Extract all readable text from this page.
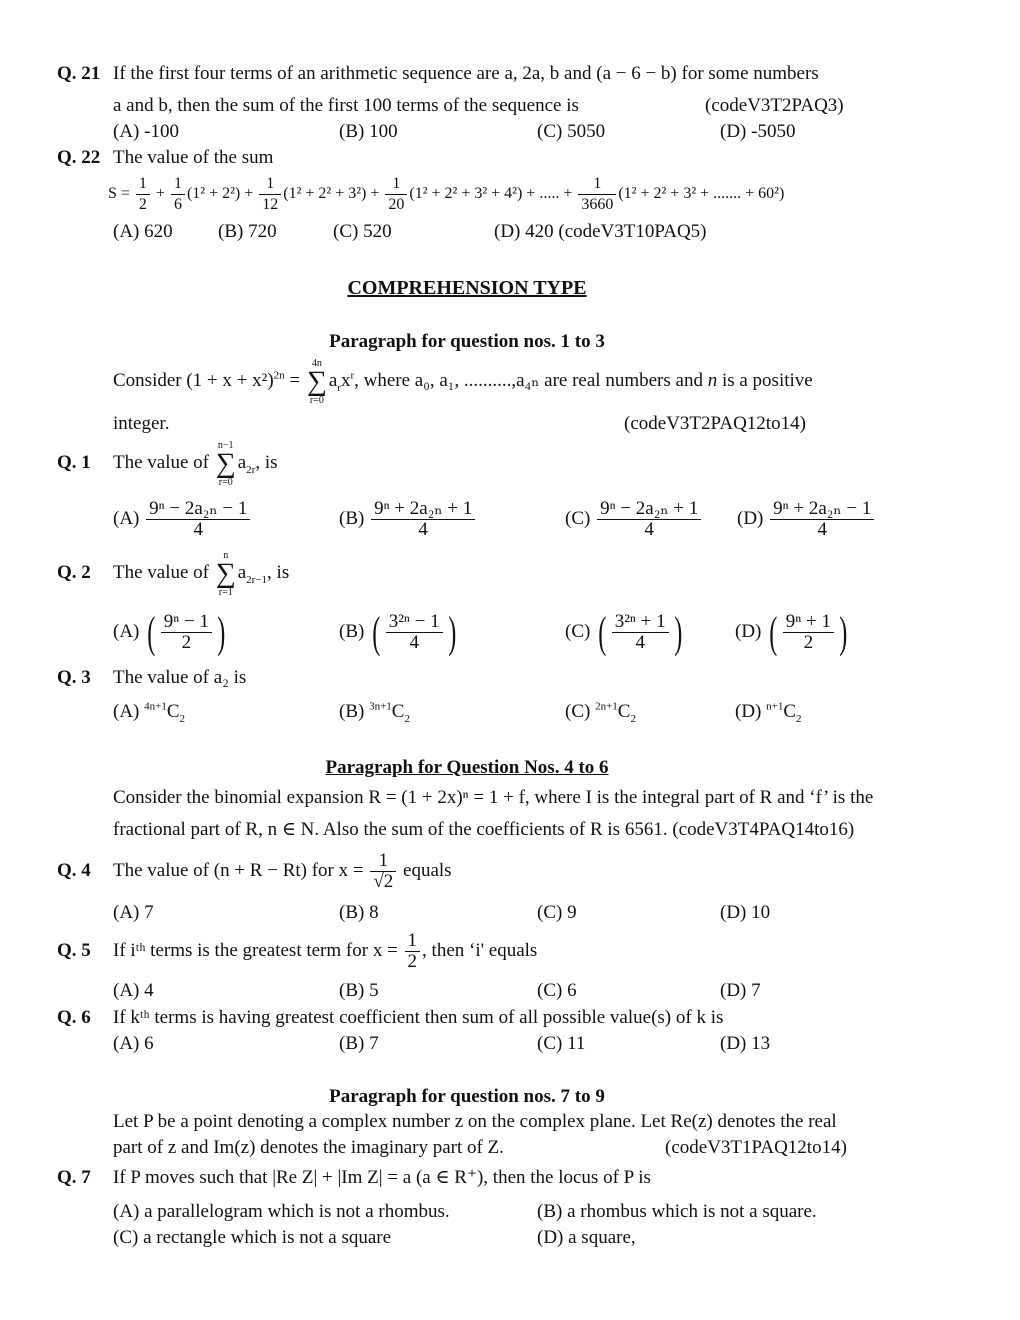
Q. 21 If the first four terms of an arithmetic sequence are a, 2a, b and (a − 6 − b) for some numbers
a and b, then the sum of the first 100 terms of the sequence is	(codeV3T2PAQ3)
(A) -100	(B) 100	(C) 5050	(D) -5050
Q. 22 The value of the sum
$S = \frac{1}{2} + \frac{1}{6} (1^2 + 2^2) + \frac{1}{12} (1^2 + 2^2 + 3^2) + \frac{1}{20} (1^2 + 2^2 + 3^2 + 4^2)$ + ..... + $\frac{1}{3660} (1^2 + 2^2 + 3^2$ + ....... + 60²)
(A) 620 (B) 720	(C) 520	(D) 420 (codeV3T10PAQ5)
COMPREHENSION TYPE
Paragraph for question nos. 1 to 3
Consider $(1 + x + x^2)^{2n}$ =
4n
∑
r=0
$a_rx^r$, where a₀, a₁, ..........,a₄ₙ are real numbers and n is a positive
integer.	(codeV3T2PAQ12to14)
Q. 1 The value of
n−1
∑
r=0
$a_{2r}$, is
$(A) \frac{\text{9ⁿ − 2a₂ₙ − 1}}{4}$	$(B) \frac{\text{9ⁿ + 2a₂ₙ + 1}}{4}$	$(C) \frac{\text{9ⁿ − 2a₂ₙ + 1}}{4} (D) \frac{\text{9ⁿ + 2a₂ₙ − 1}}{4}$
Q. 2 The value of
n
∑
r=1
$a_{2r-1}$, is
(A) ( $\frac{\text{9ⁿ − 1}}{2}$ )	(B) ( $\frac{\text{3²ⁿ − 1}}{4}$ )	(C) ( $\frac{\text{3²ⁿ + 1}}{4}$ )	(D) ( $\frac{\text{9ⁿ + 1}}{2}$ )
Q. 3 The value of a₂ is
(A) $^{4n+1}C_2$	(B) $^{3n+1}C_2$	(C) $^{2n+1}C_2$	(D) $^{n+1}C_2$
Paragraph for Question Nos. 4 to 6
Consider the binomial expansion R = (1 + 2x)ⁿ = 1 + f, where I is the integral part of R and ‘f’ is the
fractional part of R, n ∈ N. Also the sum of the coefficients of R is 6561. (codeV3T4PAQ14to16)
Q. 4 The value of (n + R − Rt) for $x = \frac{1}{√2}$ equals
(A) 7	(B) 8	(C) 9	(D) 10
Q. 5 If iᵗʰ terms is the greatest term for $x = \frac{1}{2}$ , then ‘i' equals
(A) 4	(B) 5	(C) 6	(D) 7
Q. 6 If kᵗʰ terms is having greatest coefficient then sum of all possible value(s) of k is
(A) 6	(B) 7	(C) 11	(D) 13
Paragraph for question nos. 7 to 9
Let P be a point denoting a complex number z on the complex plane. Let Re(z) denotes the real
part of z and Im(z) denotes the imaginary part of Z.	(codeV3T1PAQ12to14)
Q. 7 If P moves such that |Re Z| + |Im Z| = a (a ∈ R⁺), then the locus of P is
(A) a parallelogram which is not a rhombus.	(B) a rhombus which is not a square.
(C) a rectangle which is not a square	(D) a square,
